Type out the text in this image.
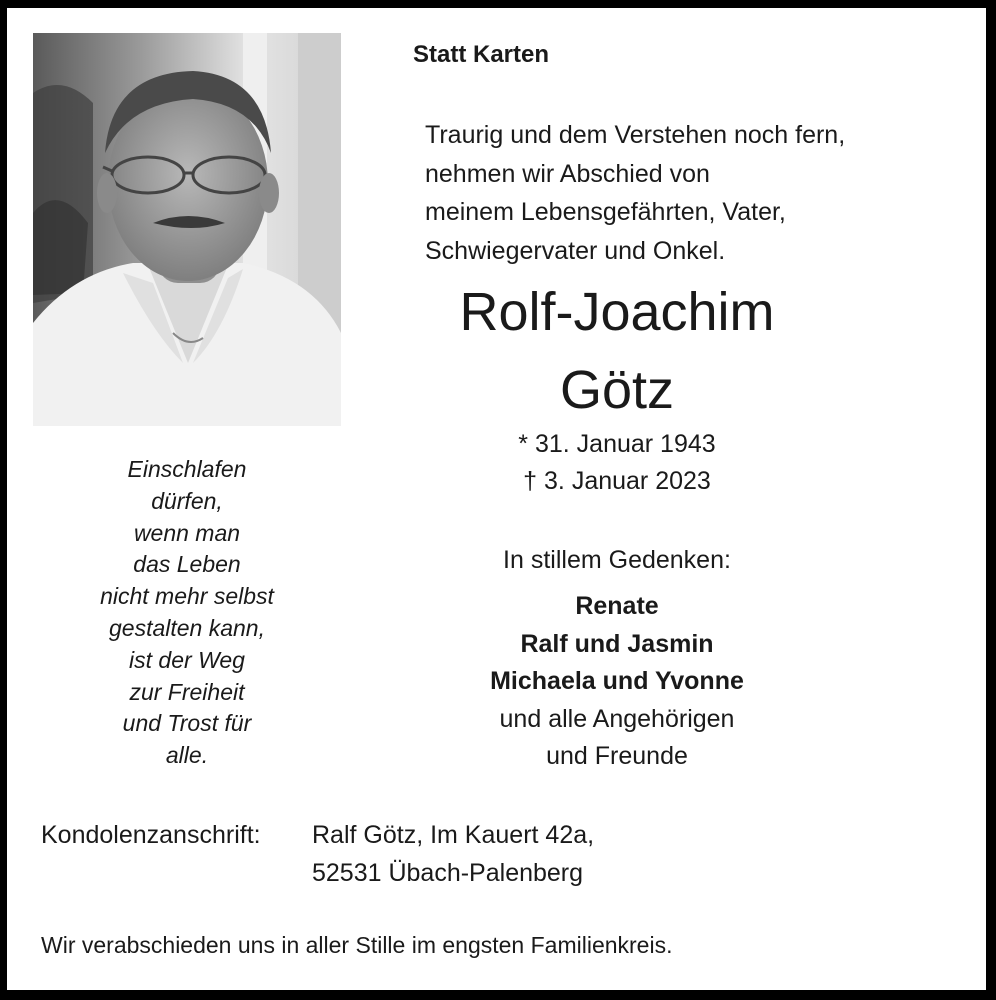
Statt Karten
Traurig und dem Verstehen noch fern,
nehmen wir Abschied von
meinem Lebensgefährten, Vater,
Schwiegervater und Onkel.
Rolf-Joachim
Götz
* 31. Januar 1943
† 3. Januar 2023
Einschlafen
dürfen,
wenn man
das Leben
nicht mehr selbst
gestalten kann,
ist der Weg
zur Freiheit
und Trost für
alle.
In stillem Gedenken:
Renate
Ralf und Jasmin
Michaela und Yvonne
und alle Angehörigen
und Freunde
Kondolenzanschrift: Ralf Götz, Im Kauert 42a,
52531 Übach-Palenberg
Wir verabschieden uns in aller Stille im engsten Familienkreis.
